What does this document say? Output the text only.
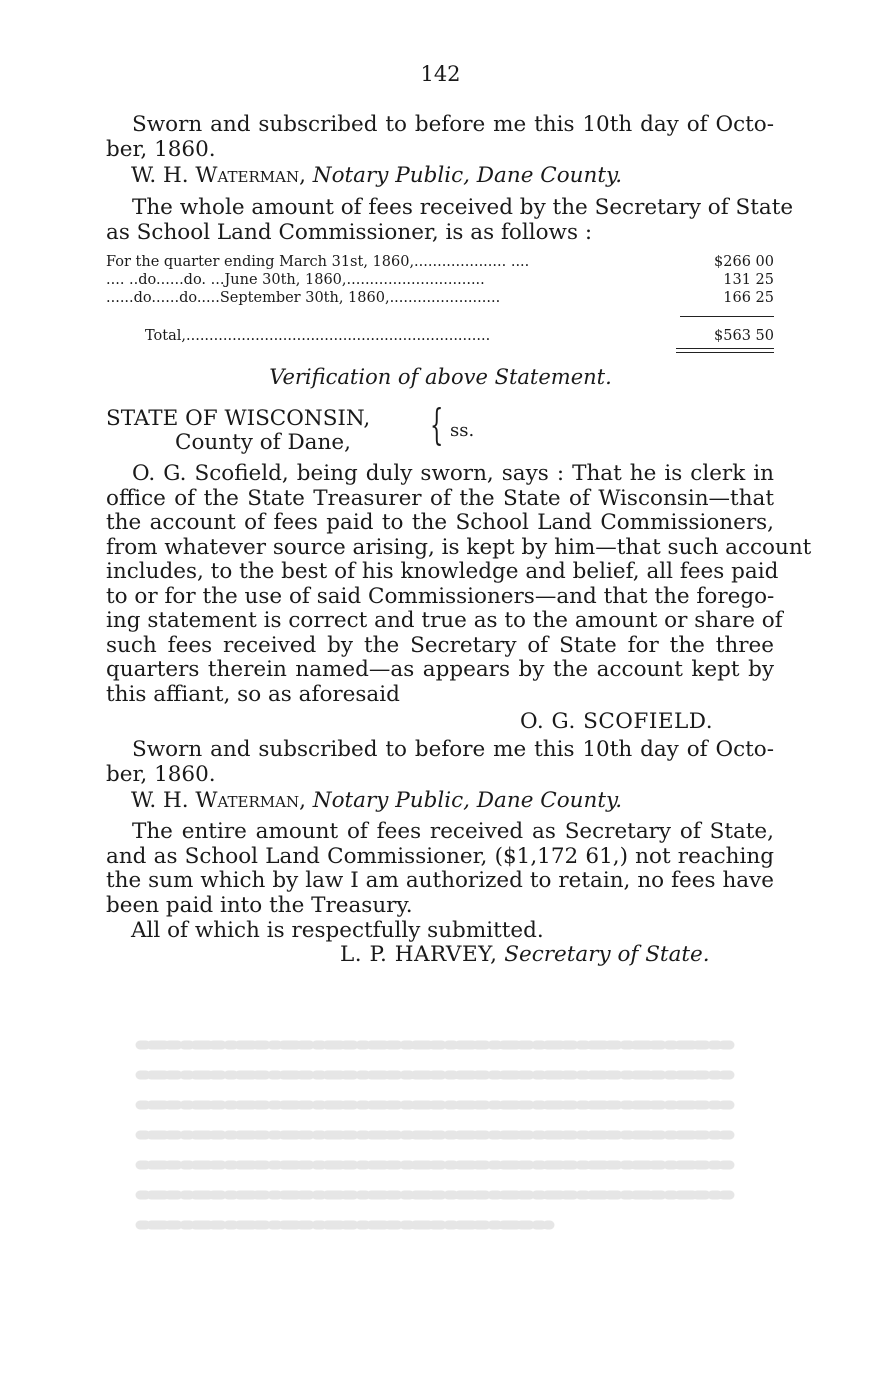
142
Sworn and subscribed to before me this 10th day of Octo-
ber, 1860.
W. H. Waterman, Notary Public, Dane County.
The whole amount of fees received by the Secretary of State
as School Land Commissioner, is as follows :
For the quarter ending March 31st, 1860,.................... ....	$266 00
.... ..do......do. ...June 30th, 1860,..............................	131 25
......do......do.....September 30th, 1860,........................	166 25
Total,..................................................................	$563 50
Verification of above Statement.
STATE OF WISCONSIN,
County of Dane, { ss.
O. G. Scofield, being duly sworn, says : That he is clerk in
office of the State Treasurer of the State of Wisconsin—that
the account of fees paid to the School Land Commissioners,
from whatever source arising, is kept by him—that such account
includes, to the best of his knowledge and belief, all fees paid
to or for the use of said Commissioners—and that the forego-
ing statement is correct and true as to the amount or share of
such fees received by the Secretary of State for the three
quarters therein named—as appears by the account kept by
this affiant, so as aforesaid
O. G. SCOFIELD.
Sworn and subscribed to before me this 10th day of Octo-
ber, 1860.
W. H. Waterman, Notary Public, Dane County.
The entire amount of fees received as Secretary of State,
and as School Land Commissioner, ($1,172 61,) not reaching
the sum which by law I am authorized to retain, no fees have
been paid into the Treasury.
All of which is respectfully submitted.
L. P. HARVEY, Secretary of State.
